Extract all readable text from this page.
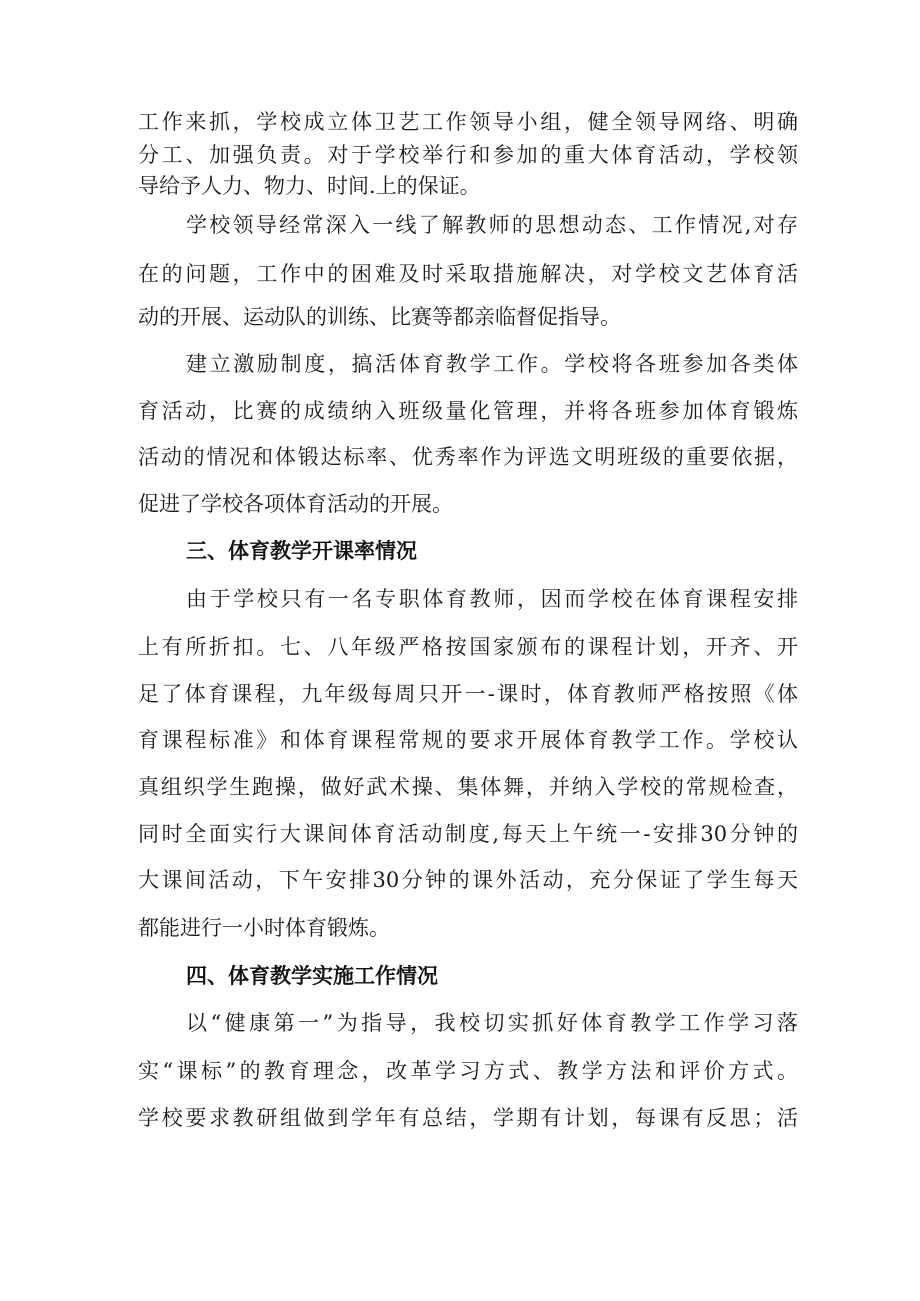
工作来抓，学校成立体卫艺工作领导小组，健全领导网络、明确
分工、加强负责。对于学校举行和参加的重大体育活动，学校领
导给予人力、物力、时间.上的保证。
学校领导经常深入一线了解教师的思想动态、工作情况,对存
在的问题，工作中的困难及时采取措施解决，对学校文艺体育活
动的开展、运动队的训练、比赛等都亲临督促指导。
建立激励制度，搞活体育教学工作。学校将各班参加各类体
育活动，比赛的成绩纳入班级量化管理，并将各班参加体育锻炼
活动的情况和体锻达标率、优秀率作为评选文明班级的重要依据，
促进了学校各项体育活动的开展。
三、体育教学开课率情况
由于学校只有一名专职体育教师，因而学校在体育课程安排
上有所折扣。七、八年级严格按国家颁布的课程计划，开齐、开
足了体育课程，九年级每周只开一-课时，体育教师严格按照《体
育课程标准》和体育课程常规的要求开展体育教学工作。学校认
真组织学生跑操，做好武术操、集体舞，并纳入学校的常规检查，
同时全面实行大课间体育活动制度,每天上午统一-安排30分钟的
大课间活动，下午安排30分钟的课外活动，充分保证了学生每天
都能进行一小时体育锻炼。
四、体育教学实施工作情况
以“健康第一”为指导，我校切实抓好体育教学工作学习落
实“课标”的教育理念，改革学习方式、教学方法和评价方式。
学校要求教研组做到学年有总结，学期有计划，每课有反思；活
